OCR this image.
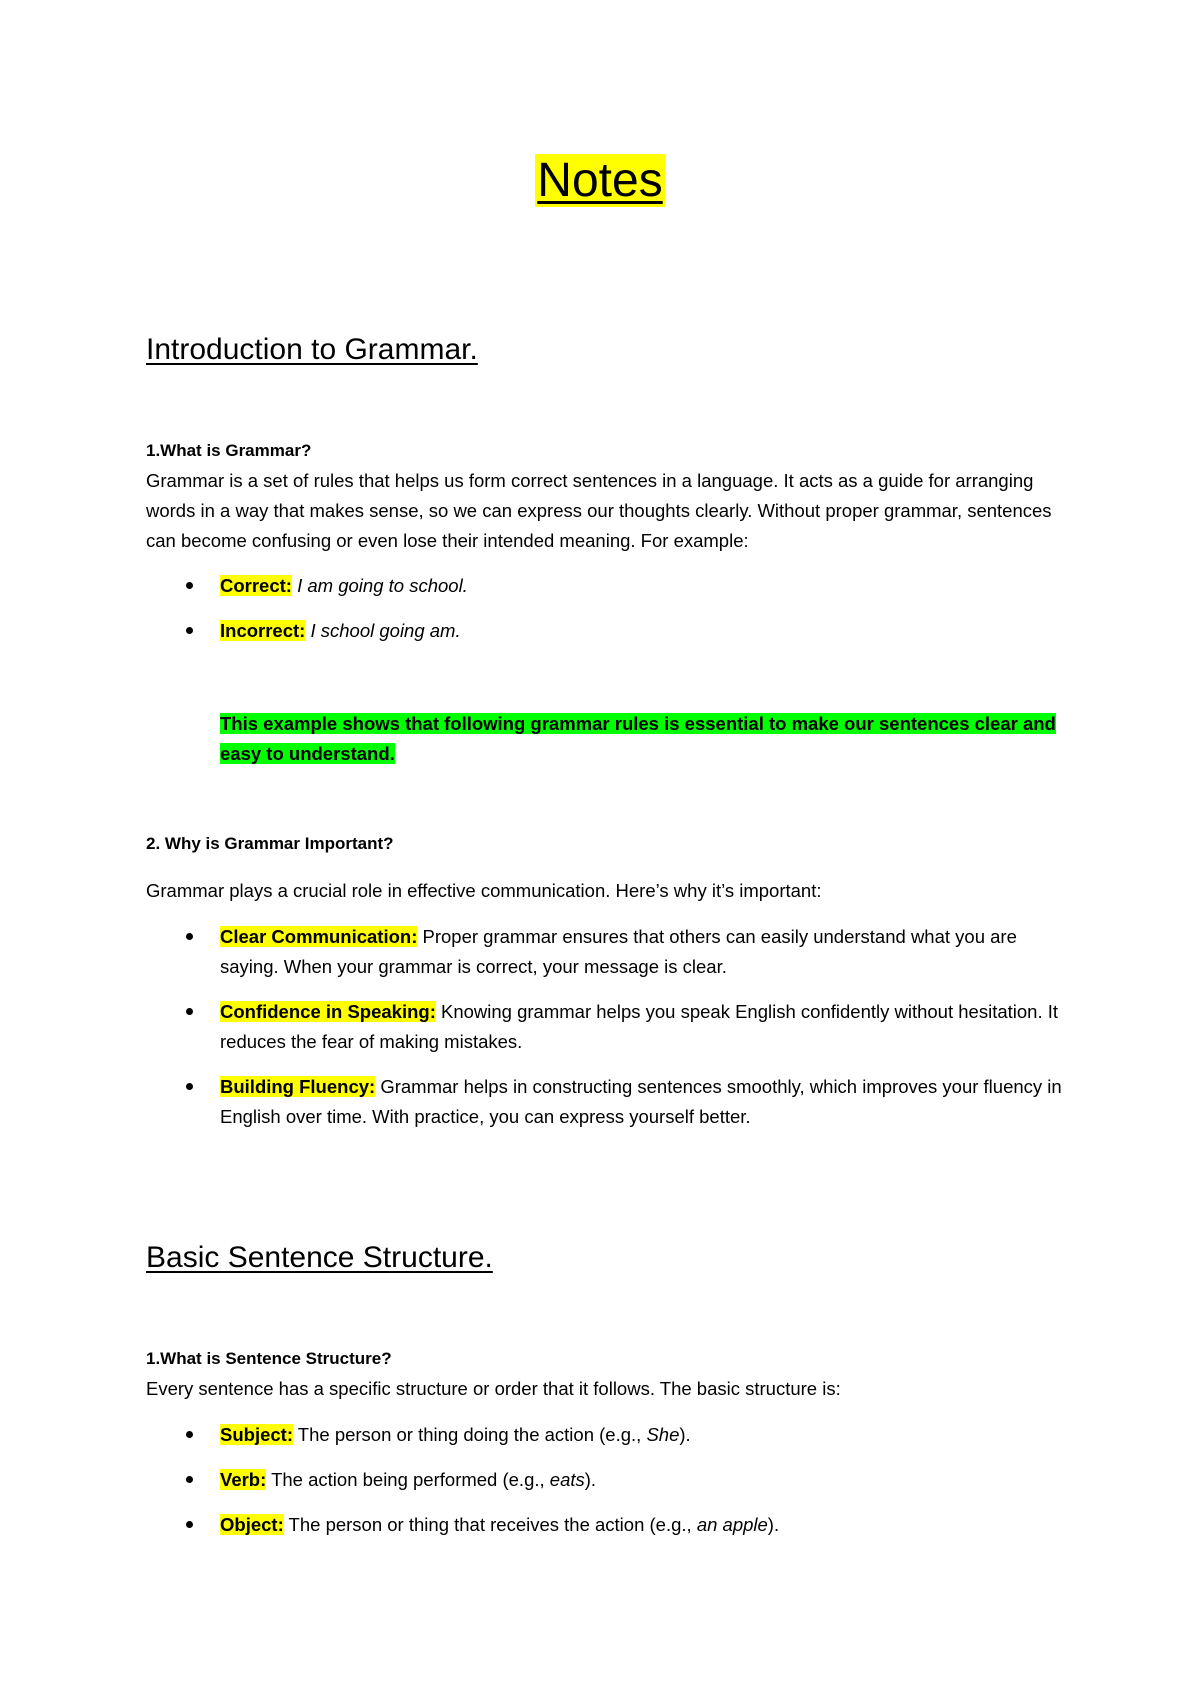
Notes
Introduction to Grammar.
1.What is Grammar?
Grammar is a set of rules that helps us form correct sentences in a language. It acts as a guide for arranging words in a way that makes sense, so we can express our thoughts clearly. Without proper grammar, sentences can become confusing or even lose their intended meaning. For example:
Correct: I am going to school.
Incorrect: I school going am.
This example shows that following grammar rules is essential to make our sentences clear and easy to understand.
2. Why is Grammar Important?
Grammar plays a crucial role in effective communication. Here’s why it’s important:
Clear Communication: Proper grammar ensures that others can easily understand what you are saying. When your grammar is correct, your message is clear.
Confidence in Speaking: Knowing grammar helps you speak English confidently without hesitation. It reduces the fear of making mistakes.
Building Fluency: Grammar helps in constructing sentences smoothly, which improves your fluency in English over time. With practice, you can express yourself better.
Basic Sentence Structure.
1.What is Sentence Structure?
Every sentence has a specific structure or order that it follows. The basic structure is:
Subject: The person or thing doing the action (e.g., She).
Verb: The action being performed (e.g., eats).
Object: The person or thing that receives the action (e.g., an apple).
